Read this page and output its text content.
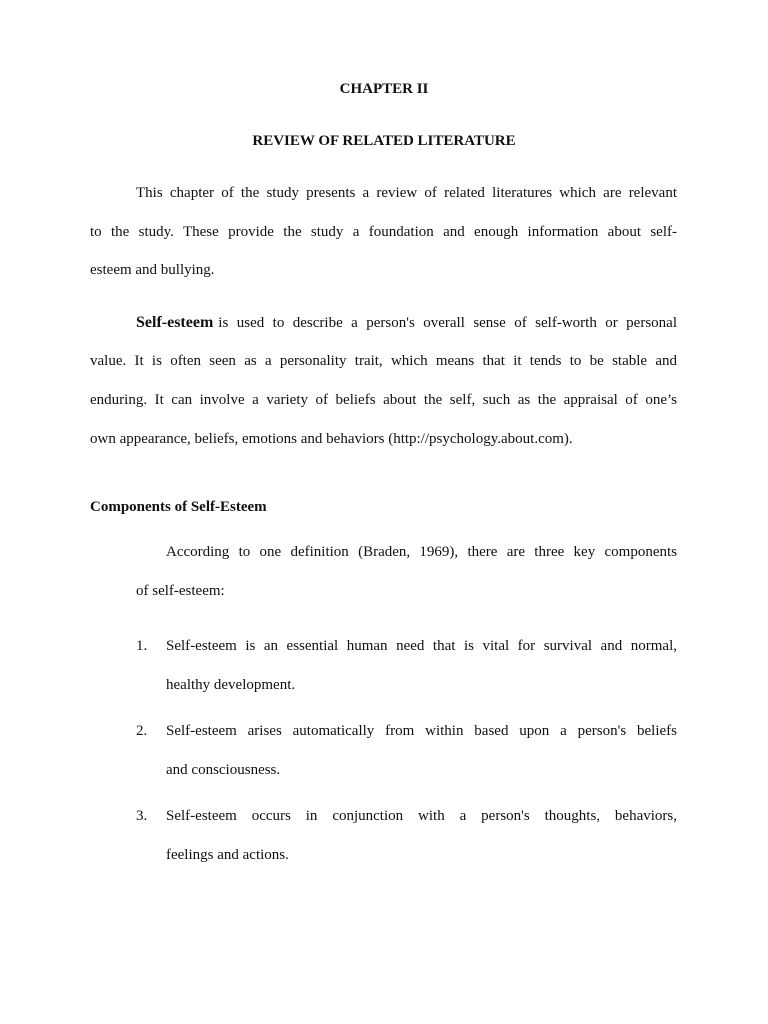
CHAPTER II
REVIEW OF RELATED LITERATURE
This chapter of the study presents a review of related literatures which are relevant
to the study. These provide the study a foundation and enough information about self-
esteem and bullying.
Self-esteem is used to describe a person's overall sense of self-worth or personal
value. It is often seen as a personality trait, which means that it tends to be stable and
enduring. It can involve a variety of beliefs about the self, such as the appraisal of one’s
own appearance, beliefs, emotions and behaviors (http://psychology.about.com).
Components of Self-Esteem
According to one definition (Braden, 1969), there are three key components
of self-esteem:
1. Self-esteem is an essential human need that is vital for survival and normal,
healthy development.
2. Self-esteem arises automatically from within based upon a person's beliefs
and consciousness.
3. Self-esteem occurs in conjunction with a person's thoughts, behaviors,
feelings and actions.
